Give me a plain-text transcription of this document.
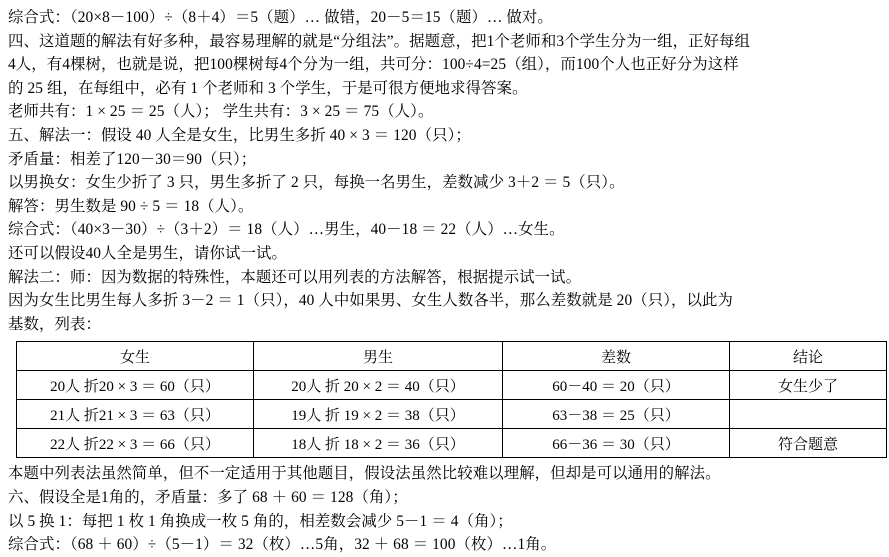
综合式：（20×8－100）÷（8＋4）＝5（题）… 做错，20－5＝15（题）… 做对。
四、这道题的解法有好多种，最容易理解的就是“分组法”。据题意，把1个老师和3个学生分为一组，正好每组
4人，有4棵树，也就是说，把100棵树每4个分为一组，共可分：100÷4=25（组），而100个人也正好分为这样
的 25 组，在每组中，必有 1 个老师和 3 个学生，于是可很方便地求得答案。
老师共有：1 × 25 ＝ 25（人）； 学生共有：3 × 25 ＝ 75（人）。
五、解法一：假设 40 人全是女生，比男生多折 40 × 3 ＝ 120（只）；
矛盾量：相差了120－30＝90（只）；
以男换女：女生少折了 3 只，男生多折了 2 只，每换一名男生，差数减少 3＋2 ＝ 5（只）。
解答：男生数是 90 ÷ 5 ＝ 18（人）。
综合式：（40×3－30）÷（3＋2）＝ 18（人）…男生，40－18 ＝ 22（人）…女生。
还可以假设40人全是男生，请你试一试。
解法二：师：因为数据的特殊性，本题还可以用列表的方法解答，根据提示试一试。
因为女生比男生每人多折 3－2 ＝ 1（只），40 人中如果男、女生人数各半，那么差数就是 20（只），以此为
基数，列表：
女生	男生	差数	结论
20人 折20 × 3 ＝ 60（只）	20人 折 20 × 2 ＝ 40（只）	60－40 ＝ 20（只）	女生少了
21人 折21 × 3 ＝ 63（只）	19人 折 19 × 2 ＝ 38（只）	63－38 ＝ 25（只）	
22人 折22 × 3 ＝ 66（只）	18人 折 18 × 2 ＝ 36（只）	66－36 ＝ 30（只）	符合题意
本题中列表法虽然简单，但不一定适用于其他题目，假设法虽然比较难以理解，但却是可以通用的解法。
六、假设全是1角的，矛盾量：多了 68 ＋ 60 ＝ 128（角）；
以 5 换 1：每把 1 枚 1 角换成一枚 5 角的，相差数会减少 5－1 ＝ 4（角）；
综合式：（68 ＋ 60）÷（5－1）＝ 32（枚）…5角，32 ＋ 68 ＝ 100（枚）…1角。
